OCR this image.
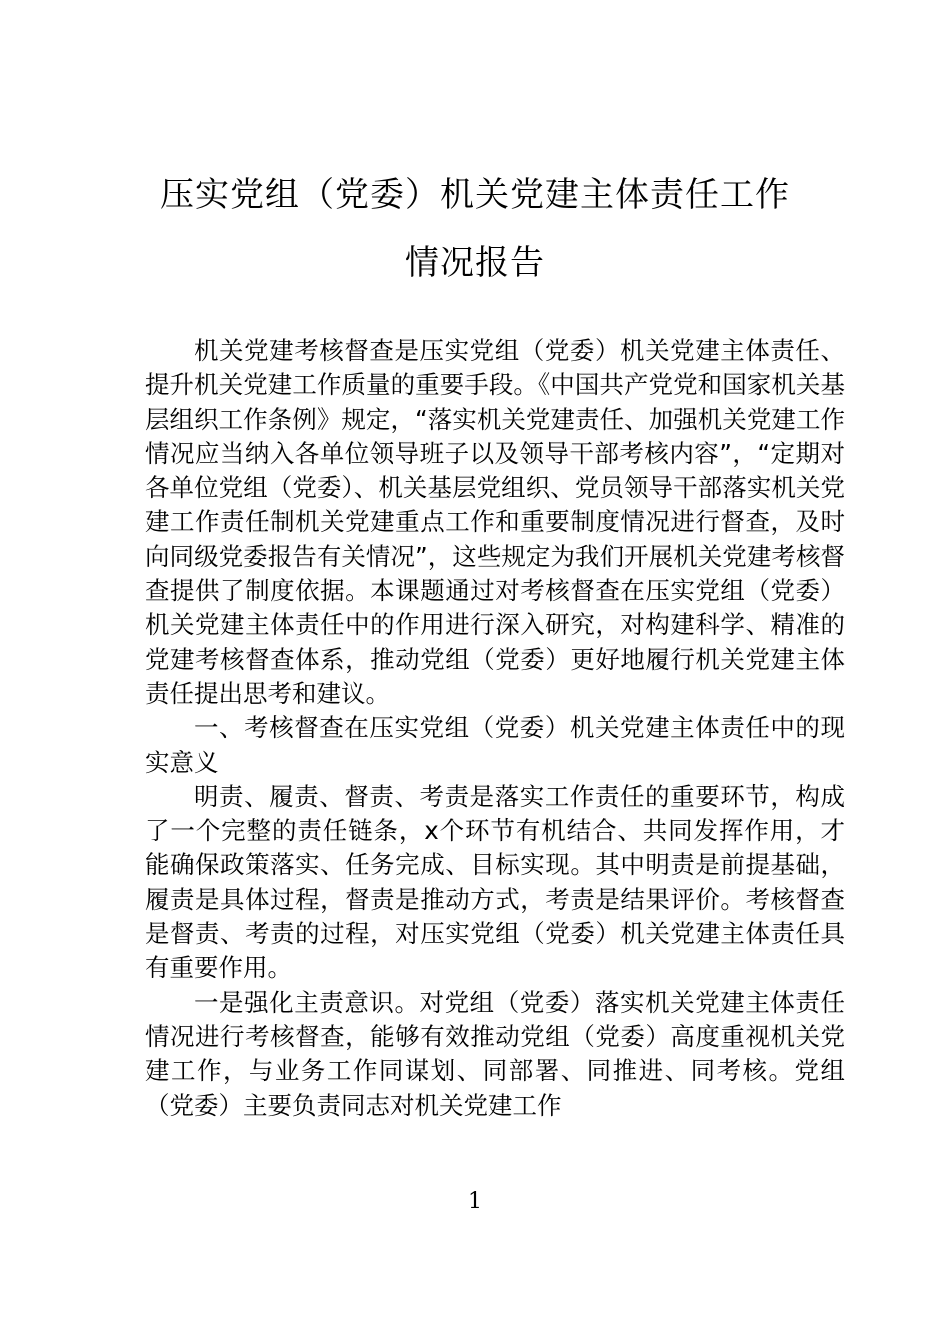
压实党组（党委）机关党建主体责任工作
情况报告

机关党建考核督查是压实党组（党委）机关党建主体责任、提升机关党建工作质量的重要手段。《中国共产党党和国家机关基层组织工作条例》规定，“落实机关党建责任、加强机关党建工作情况应当纳入各单位领导班子以及领导干部考核内容”，“定期对各单位党组（党委）、机关基层党组织、党员领导干部落实机关党建工作责任制机关党建重点工作和重要制度情况进行督查，及时向同级党委报告有关情况”，这些规定为我们开展机关党建考核督查提供了制度依据。本课题通过对考核督查在压实党组（党委）机关党建主体责任中的作用进行深入研究，对构建科学、精准的党建考核督查体系，推动党组（党委）更好地履行机关党建主体责任提出思考和建议。

一、考核督查在压实党组（党委）机关党建主体责任中的现实意义

明责、履责、督责、考责是落实工作责任的重要环节，构成了一个完整的责任链条，x个环节有机结合、共同发挥作用，才能确保政策落实、任务完成、目标实现。其中明责是前提基础，履责是具体过程，督责是推动方式，考责是结果评价。考核督查是督责、考责的过程，对压实党组（党委）机关党建主体责任具有重要作用。

一是强化主责意识。对党组（党委）落实机关党建主体责任情况进行考核督查，能够有效推动党组（党委）高度重视机关党建工作，与业务工作同谋划、同部署、同推进、同考核。党组（党委）主要负责同志对机关党建工作

1
